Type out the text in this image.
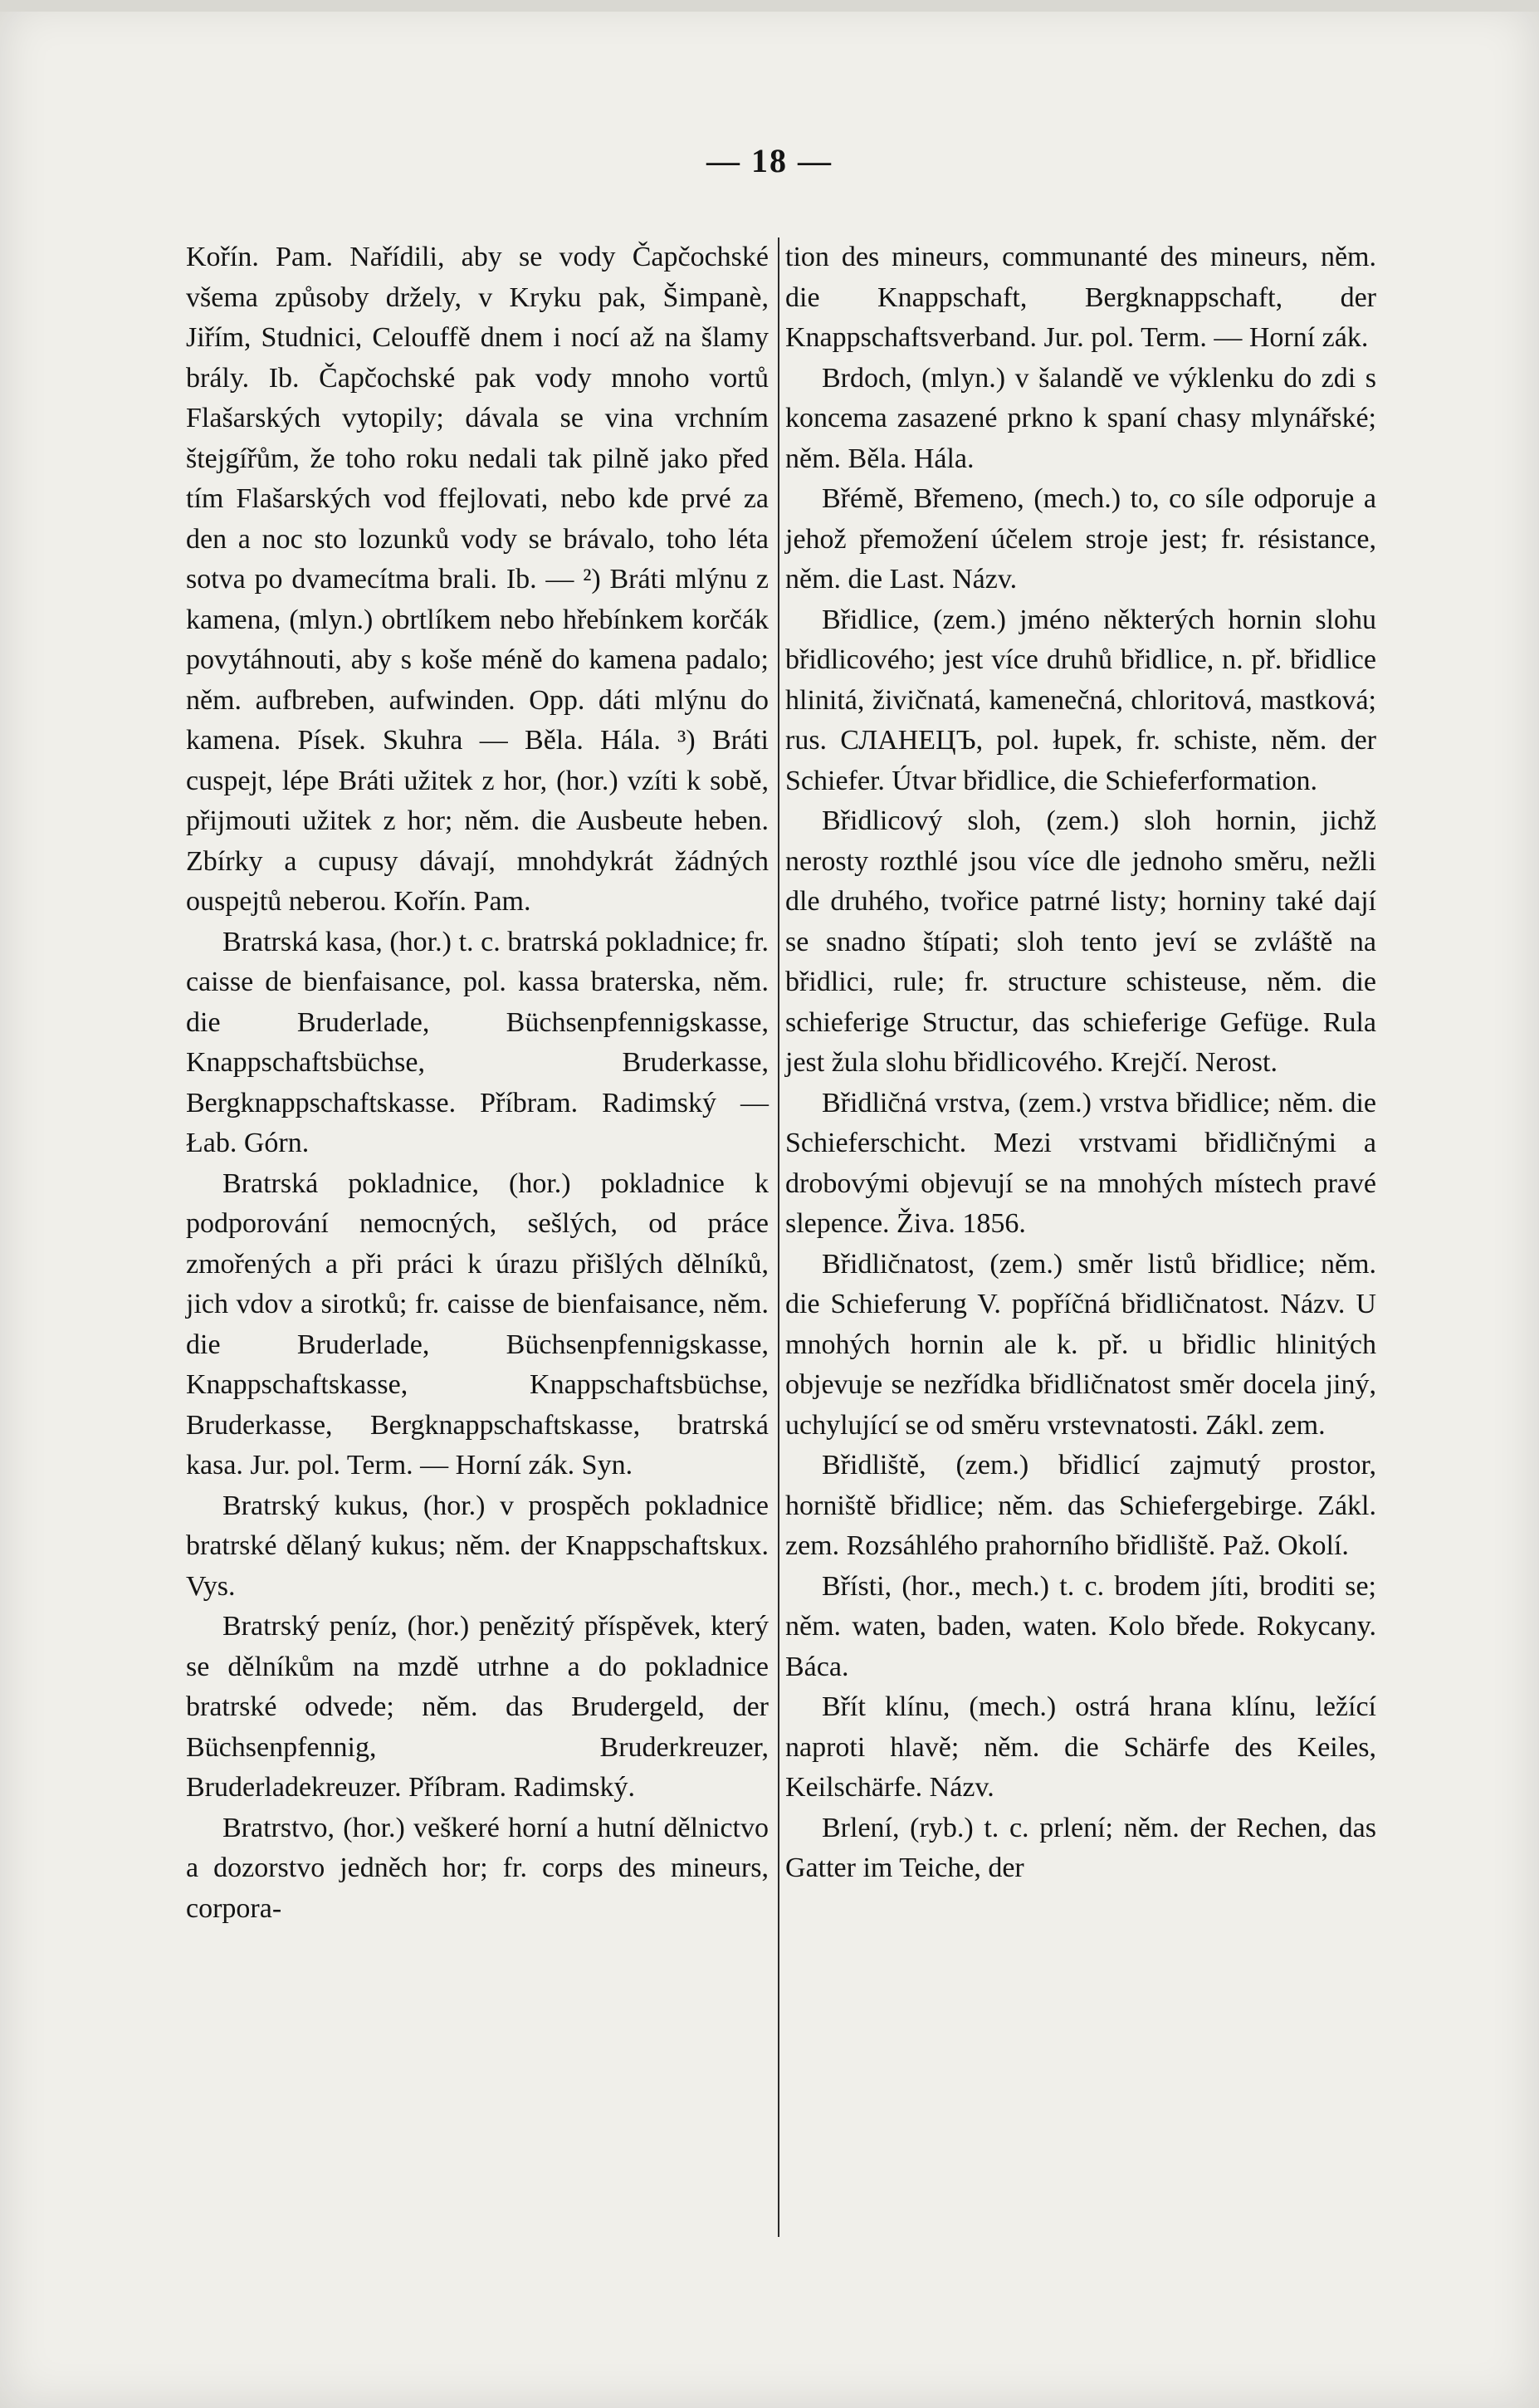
— 18 —

Kořín. Pam. Nařídili, aby se vody Čapčochské všema způsoby držely, v Kryku pak, Šimpanè, Jiřím, Studnici, Celouffě dnem i nocí až na šlamy brály. Ib. Čapčochské pak vody mnoho vortů Flašarských vytopily; dávala se vina vrchním štejgířům, že toho roku nedali tak pilně jako před tím Flašarských vod ffejlovati, nebo kde prvé za den a noc sto lozunků vody se brávalo, toho léta sotva po dvamecítma brali. Ib. — ²) Bráti mlýnu z kamena, (mlyn.) obrtlíkem nebo hřebínkem korčák povytáhnouti, aby s koše méně do kamena padalo; něm. aufbreben, aufwinden. Opp. dáti mlýnu do kamena. Písek. Skuhra — Běla. Hála. ³) Bráti cuspejt, lépe Bráti užitek z hor, (hor.) vzíti k sobě, přijmouti užitek z hor; něm. die Ausbeute heben. Zbírky a cupusy dávají, mnohdykrát žádných ouspejtů neberou. Kořín. Pam.

Bratrská kasa, (hor.) t. c. bratrská pokladnice; fr. caisse de bienfaisance, pol. kassa braterska, něm. die Bruderlade, Büchsenpfennigskasse, Knappschaftsbüchse, Bruderkasse, Bergknappschaftskasse. Příbram. Radimský — Łab. Górn.

Bratrská pokladnice, (hor.) pokladnice k podporování nemocných, sešlých, od práce zmořených a při práci k úrazu přišlých dělníků, jich vdov a sirotků; fr. caisse de bienfaisance, něm. die Bruderlade, Büchsenpfennigskasse, Knappschaftskasse, Knappschaftsbüchse, Bruderkasse, Bergknappschaftskasse, bratrská kasa. Jur. pol. Term. — Horní zák. Syn.

Bratrský kukus, (hor.) v prospěch pokladnice bratrské dělaný kukus; něm. der Knappschaftskux. Vys.

Bratrský peníz, (hor.) penězitý příspěvek, který se dělníkům na mzdě utrhne a do pokladnice bratrské odvede; něm. das Brudergeld, der Büchsenpfennig, Bruderkreuzer, Bruderladekreuzer. Příbram. Radimský.

Bratrstvo, (hor.) veškeré horní a hutní dělnictvo a dozorstvo jedněch hor; fr. corps des mineurs, corpora-

tion des mineurs, communanté des mineurs, něm. die Knappschaft, Bergknappschaft, der Knappschaftsverband. Jur. pol. Term. — Horní zák.

Brdoch, (mlyn.) v šalandě ve výklenku do zdi s koncema zasazené prkno k spaní chasy mlynářské; něm. Běla. Hála.

Břémě, Břemeno, (mech.) to, co síle odporuje a jehož přemožení účelem stroje jest; fr. résistance, něm. die Last. Názv.

Břidlice, (zem.) jméno některých hornin slohu břidlicového; jest více druhů břidlice, n. př. břidlice hlinitá, živičnatá, kamenečná, chloritová, mastková; rus. СЛАНЕЦЪ, pol. łupek, fr. schiste, něm. der Schiefer. Útvar břidlice, die Schieferformation.

Břidlicový sloh, (zem.) sloh hornin, jichž nerosty rozthlé jsou více dle jednoho směru, nežli dle druhého, tvořice patrné listy; horniny také dají se snadno štípati; sloh tento jeví se zvláště na břidlici, rule; fr. structure schisteuse, něm. die schieferige Structur, das schieferige Gefüge. Rula jest žula slohu břidlicového. Krejčí. Nerost.

Břidličná vrstva, (zem.) vrstva břidlice; něm. die Schieferschicht. Mezi vrstvami břidličnými a drobovými objevují se na mnohých místech pravé slepence. Živa. 1856.

Břidličnatost, (zem.) směr listů břidlice; něm. die Schieferung V. popříčná břidličnatost. Názv. U mnohých hornin ale k. př. u břidlic hlinitých objevuje se nezřídka břidličnatost směr docela jiný, uchylující se od směru vrstevnatosti. Zákl. zem.

Břidliště, (zem.) břidlicí zajmutý prostor, horniště břidlice; něm. das Schiefergebirge. Zákl. zem. Rozsáhlého prahorního břidliště. Paž. Okolí.

Břísti, (hor., mech.) t. c. brodem jíti, broditi se; něm. waten, baden, waten. Kolo břede. Rokycany. Báca.

Břít klínu, (mech.) ostrá hrana klínu, ležící naproti hlavě; něm. die Schärfe des Keiles, Keilschärfe. Názv.

Brlení, (ryb.) t. c. prlení; něm. der Rechen, das Gatter im Teiche, der
